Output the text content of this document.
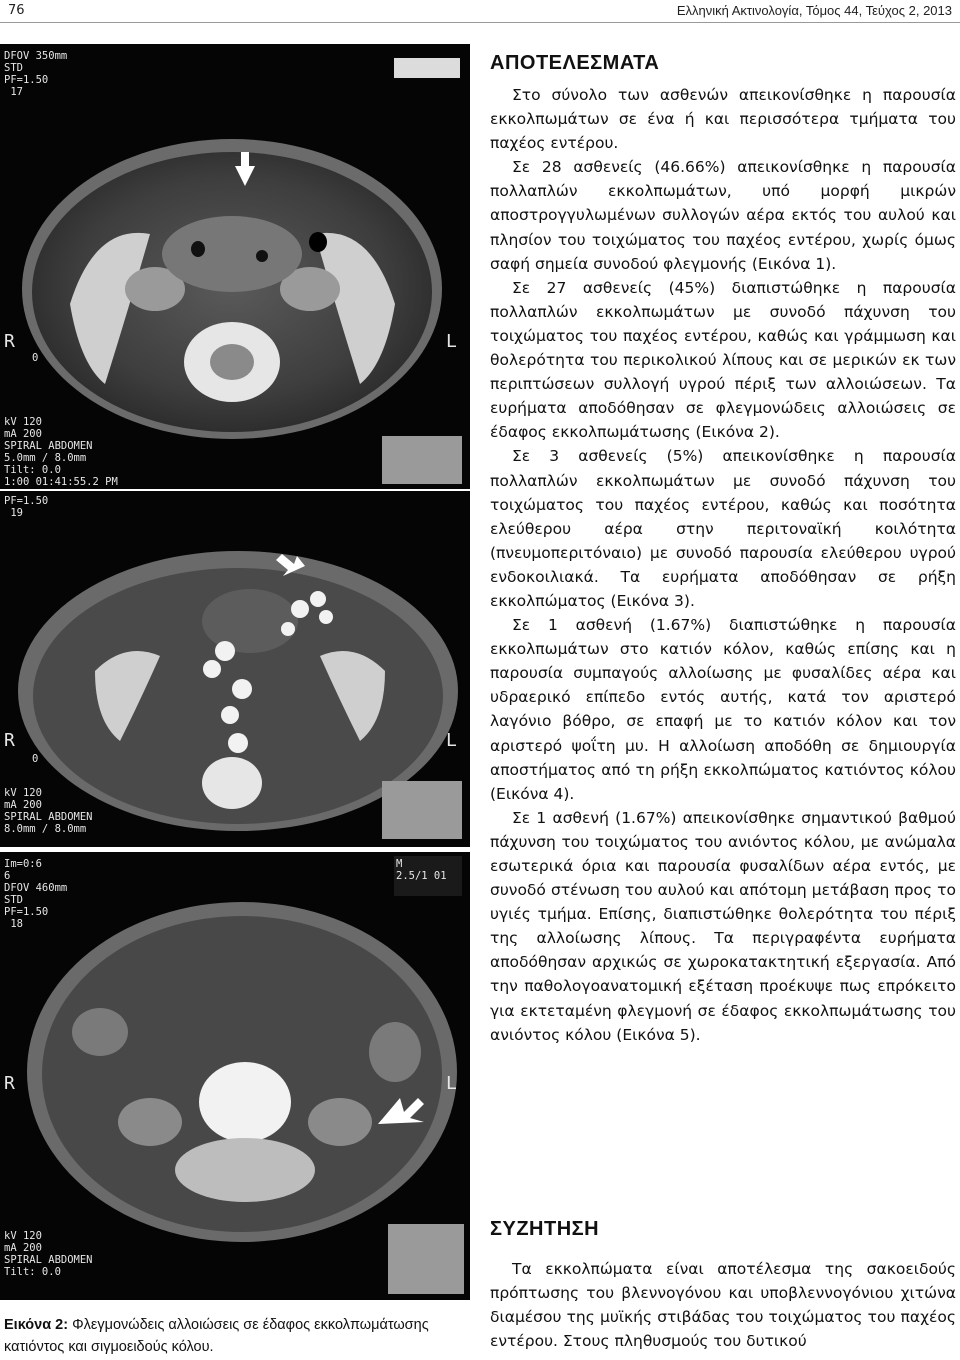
76	Ελληνική Ακτινολογία, Τόμος 44, Τεύχος 2, 2013
DFOV 350mm
STD
PF=1.50
17
kV 120
mA 200
SPIRAL ABDOMEN
5.0mm / 8.0mm
Tilt: 0.0
1:00 01:41:55.2 PM
R
0
L
PF=1.50
19
kV 120
mA 200
SPIRAL ABDOMEN
8.0mm / 8.0mm
R
0
L
Im=0:6
6
DFOV 460mm
STD
PF=1.50
18
M
2.5/1 01
kV 120
mA 200
SPIRAL ABDOMEN
Tilt: 0.0
R	L
Εικόνα 2: Φλεγμονώδεις αλλοιώσεις σε έδαφος εκκολπωμάτωσης κατιόντος και σιγμοειδούς κόλου.
ΑΠΟΤΕΛΕΣΜΑΤΑ

Στο σύνολο των ασθενών απεικονίσθηκε η παρουσία εκκολπωμάτων σε ένα ή και περισσότερα τμήματα του παχέος εντέρου.

Σε 28 ασθενείς (46.66%) απεικονίσθηκε η παρουσία πολλαπλών εκκολπωμάτων, υπό μορφή μικρών αποστρογγυλωμένων συλλογών αέρα εκτός του αυλού και πλησίον του τοιχώματος του παχέος εντέρου, χωρίς όμως σαφή σημεία συνοδού φλεγμονής (Εικόνα 1).

Σε 27 ασθενείς (45%) διαπιστώθηκε η παρουσία πολλαπλών εκκολπωμάτων με συνοδό πάχυνση του τοιχώματος του παχέος εντέρου, καθώς και γράμμωση και θολερότητα του περικολικού λίπους και σε μερικών εκ των περιπτώσεων συλλογή υγρού πέριξ των αλλοιώσεων. Τα ευρήματα αποδόθησαν σε φλεγμονώδεις αλλοιώσεις σε έδαφος εκκολπωμάτωσης (Εικόνα 2).

Σε 3 ασθενείς (5%) απεικονίσθηκε η παρουσία πολλαπλών εκκολπωμάτων με συνοδό πάχυνση του τοιχώματος του παχέος εντέρου, καθώς και ποσότητα ελεύθερου αέρα στην περιτοναϊκή κοιλότητα (πνευμοπεριτόναιο) με συνοδό παρουσία ελεύθερου υγρού ενδοκοιλιακά. Τα ευρήματα αποδόθησαν σε ρήξη εκκολπώματος (Εικόνα 3).

Σε 1 ασθενή (1.67%) διαπιστώθηκε η παρουσία εκκολπωμάτων στο κατιόν κόλον, καθώς επίσης και η παρουσία συμπαγούς αλλοίωσης με φυσαλίδες αέρα και υδραερικό επίπεδο εντός αυτής, κατά τον αριστερό λαγόνιο βόθρο, σε επαφή με το κατιόν κόλον και τον αριστερό ψοΐτη μυ. Η αλλοίωση αποδόθη σε δημιουργία αποστήματος από τη ρήξη εκκολπώματος κατιόντος κόλου (Εικόνα 4).

Σε 1 ασθενή (1.67%) απεικονίσθηκε σημαντικού βαθμού πάχυνση του τοιχώματος του ανιόντος κόλου, με ανώμαλα εσωτερικά όρια και παρουσία φυσαλίδων αέρα εντός, με συνοδό στένωση του αυλού και απότομη μετάβαση προς το υγιές τμήμα. Επίσης, διαπιστώθηκε θολερότητα του πέριξ της αλλοίωσης λίπους. Τα περιγραφέντα ευρήματα αποδόθησαν αρχικώς σε χωροκατακτητική εξεργασία. Από την παθολογοανατομική εξέταση προέκυψε πως επρόκειτο για εκτεταμένη φλεγμονή σε έδαφος εκκολπωμάτωσης του ανιόντος κόλου (Εικόνα 5).

ΣΥΖΗΤΗΣΗ

Τα εκκολπώματα είναι αποτέλεσμα της σακοειδούς πρόπτωσης του βλεννογόνου και υποβλεννογόνιου χιτώνα διαμέσου της μυϊκής στιβάδας του τοιχώματος του παχέος εντέρου. Στους πληθυσμούς του δυτικού
